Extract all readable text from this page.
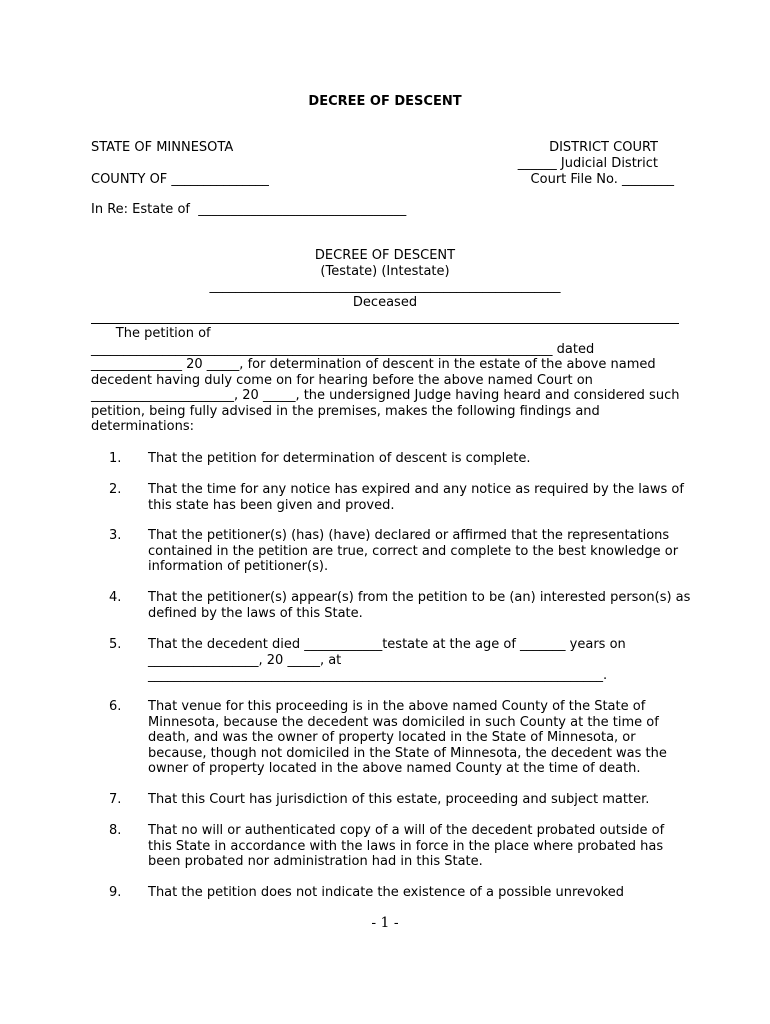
DECREE OF DESCENT
STATE OF MINNESOTA	DISTRICT COURT
______ Judicial District
COUNTY OF _______________	Court File No. ________
In Re: Estate of  ________________________________
DECREE OF DESCENT
(Testate) (Intestate)
______________________________________________________
Deceased
The petition of
_______________________________________________________________________ dated
______________ 20 _____, for determination of descent in the estate of the above named
decedent having duly come on for hearing before the above named Court on
______________________, 20 _____, the undersigned Judge having heard and considered such
petition, being fully advised in the premises, makes the following findings and
determinations:
1.	That the petition for determination of descent is complete.
2.	That the time for any notice has expired and any notice as required by the laws of
this state has been given and proved.
3.	That the petitioner(s) (has) (have) declared or affirmed that the representations
contained in the petition are true, correct and complete to the best knowledge or
information of petitioner(s).
4.	That the petitioner(s) appear(s) from the petition to be (an) interested person(s) as
defined by the laws of this State.
5.	That the decedent died ____________testate at the age of _______ years on
_________________, 20 _____, at
______________________________________________________________________.
6.	That venue for this proceeding is in the above named County of the State of
Minnesota, because the decedent was domiciled in such County at the time of
death, and was the owner of property located in the State of Minnesota, or
because, though not domiciled in the State of Minnesota, the decedent was the
owner of property located in the above named County at the time of death.
7.	That this Court has jurisdiction of this estate, proceeding and subject matter.
8.	That no will or authenticated copy of a will of the decedent probated outside of
this State in accordance with the laws in force in the place where probated has
been probated nor administration had in this State.
9.	That the petition does not indicate the existence of a possible unrevoked
- 1 -
